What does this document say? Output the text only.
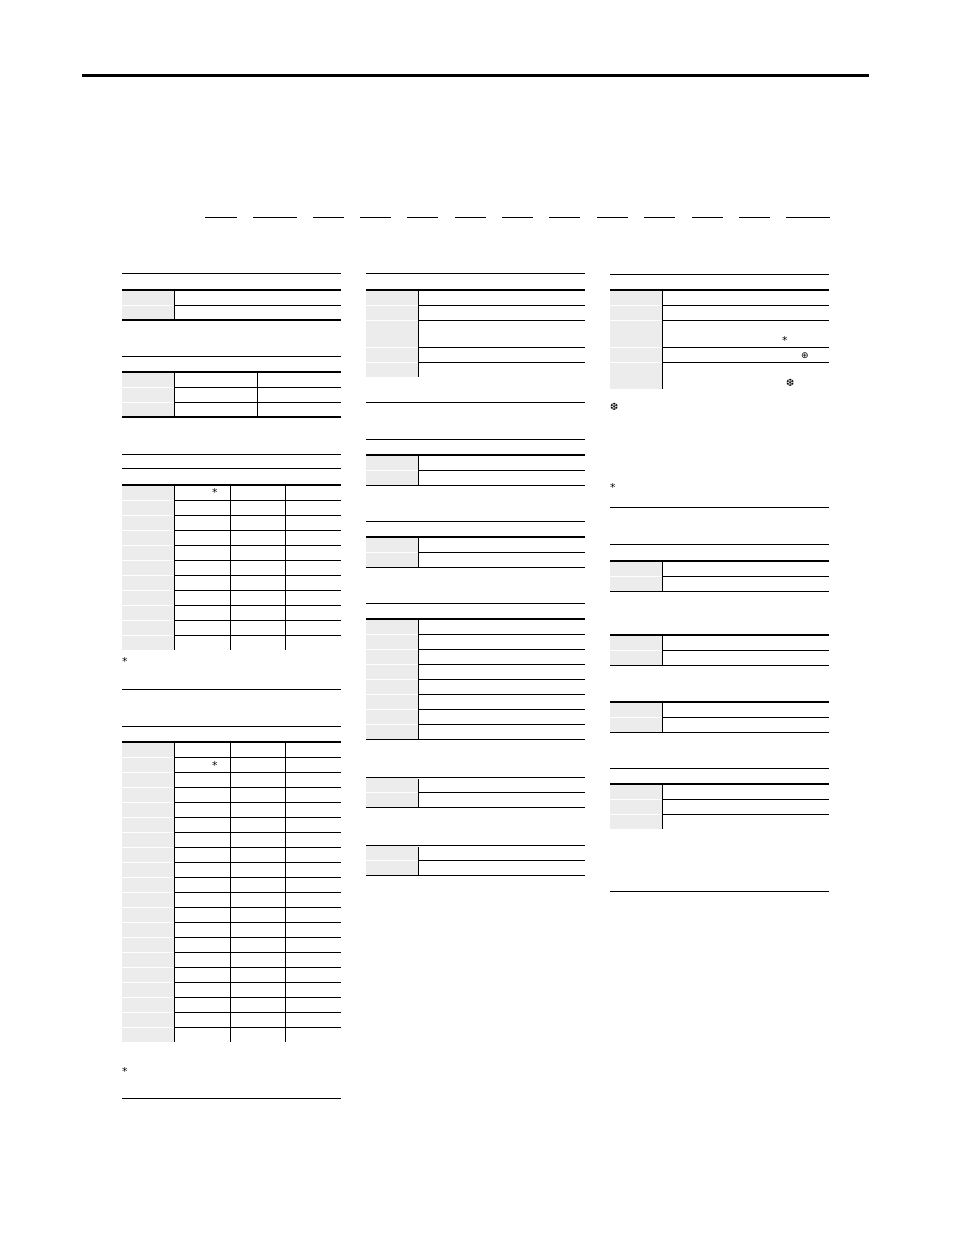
*
*
*
*
*
⊕
❆
❆
*
